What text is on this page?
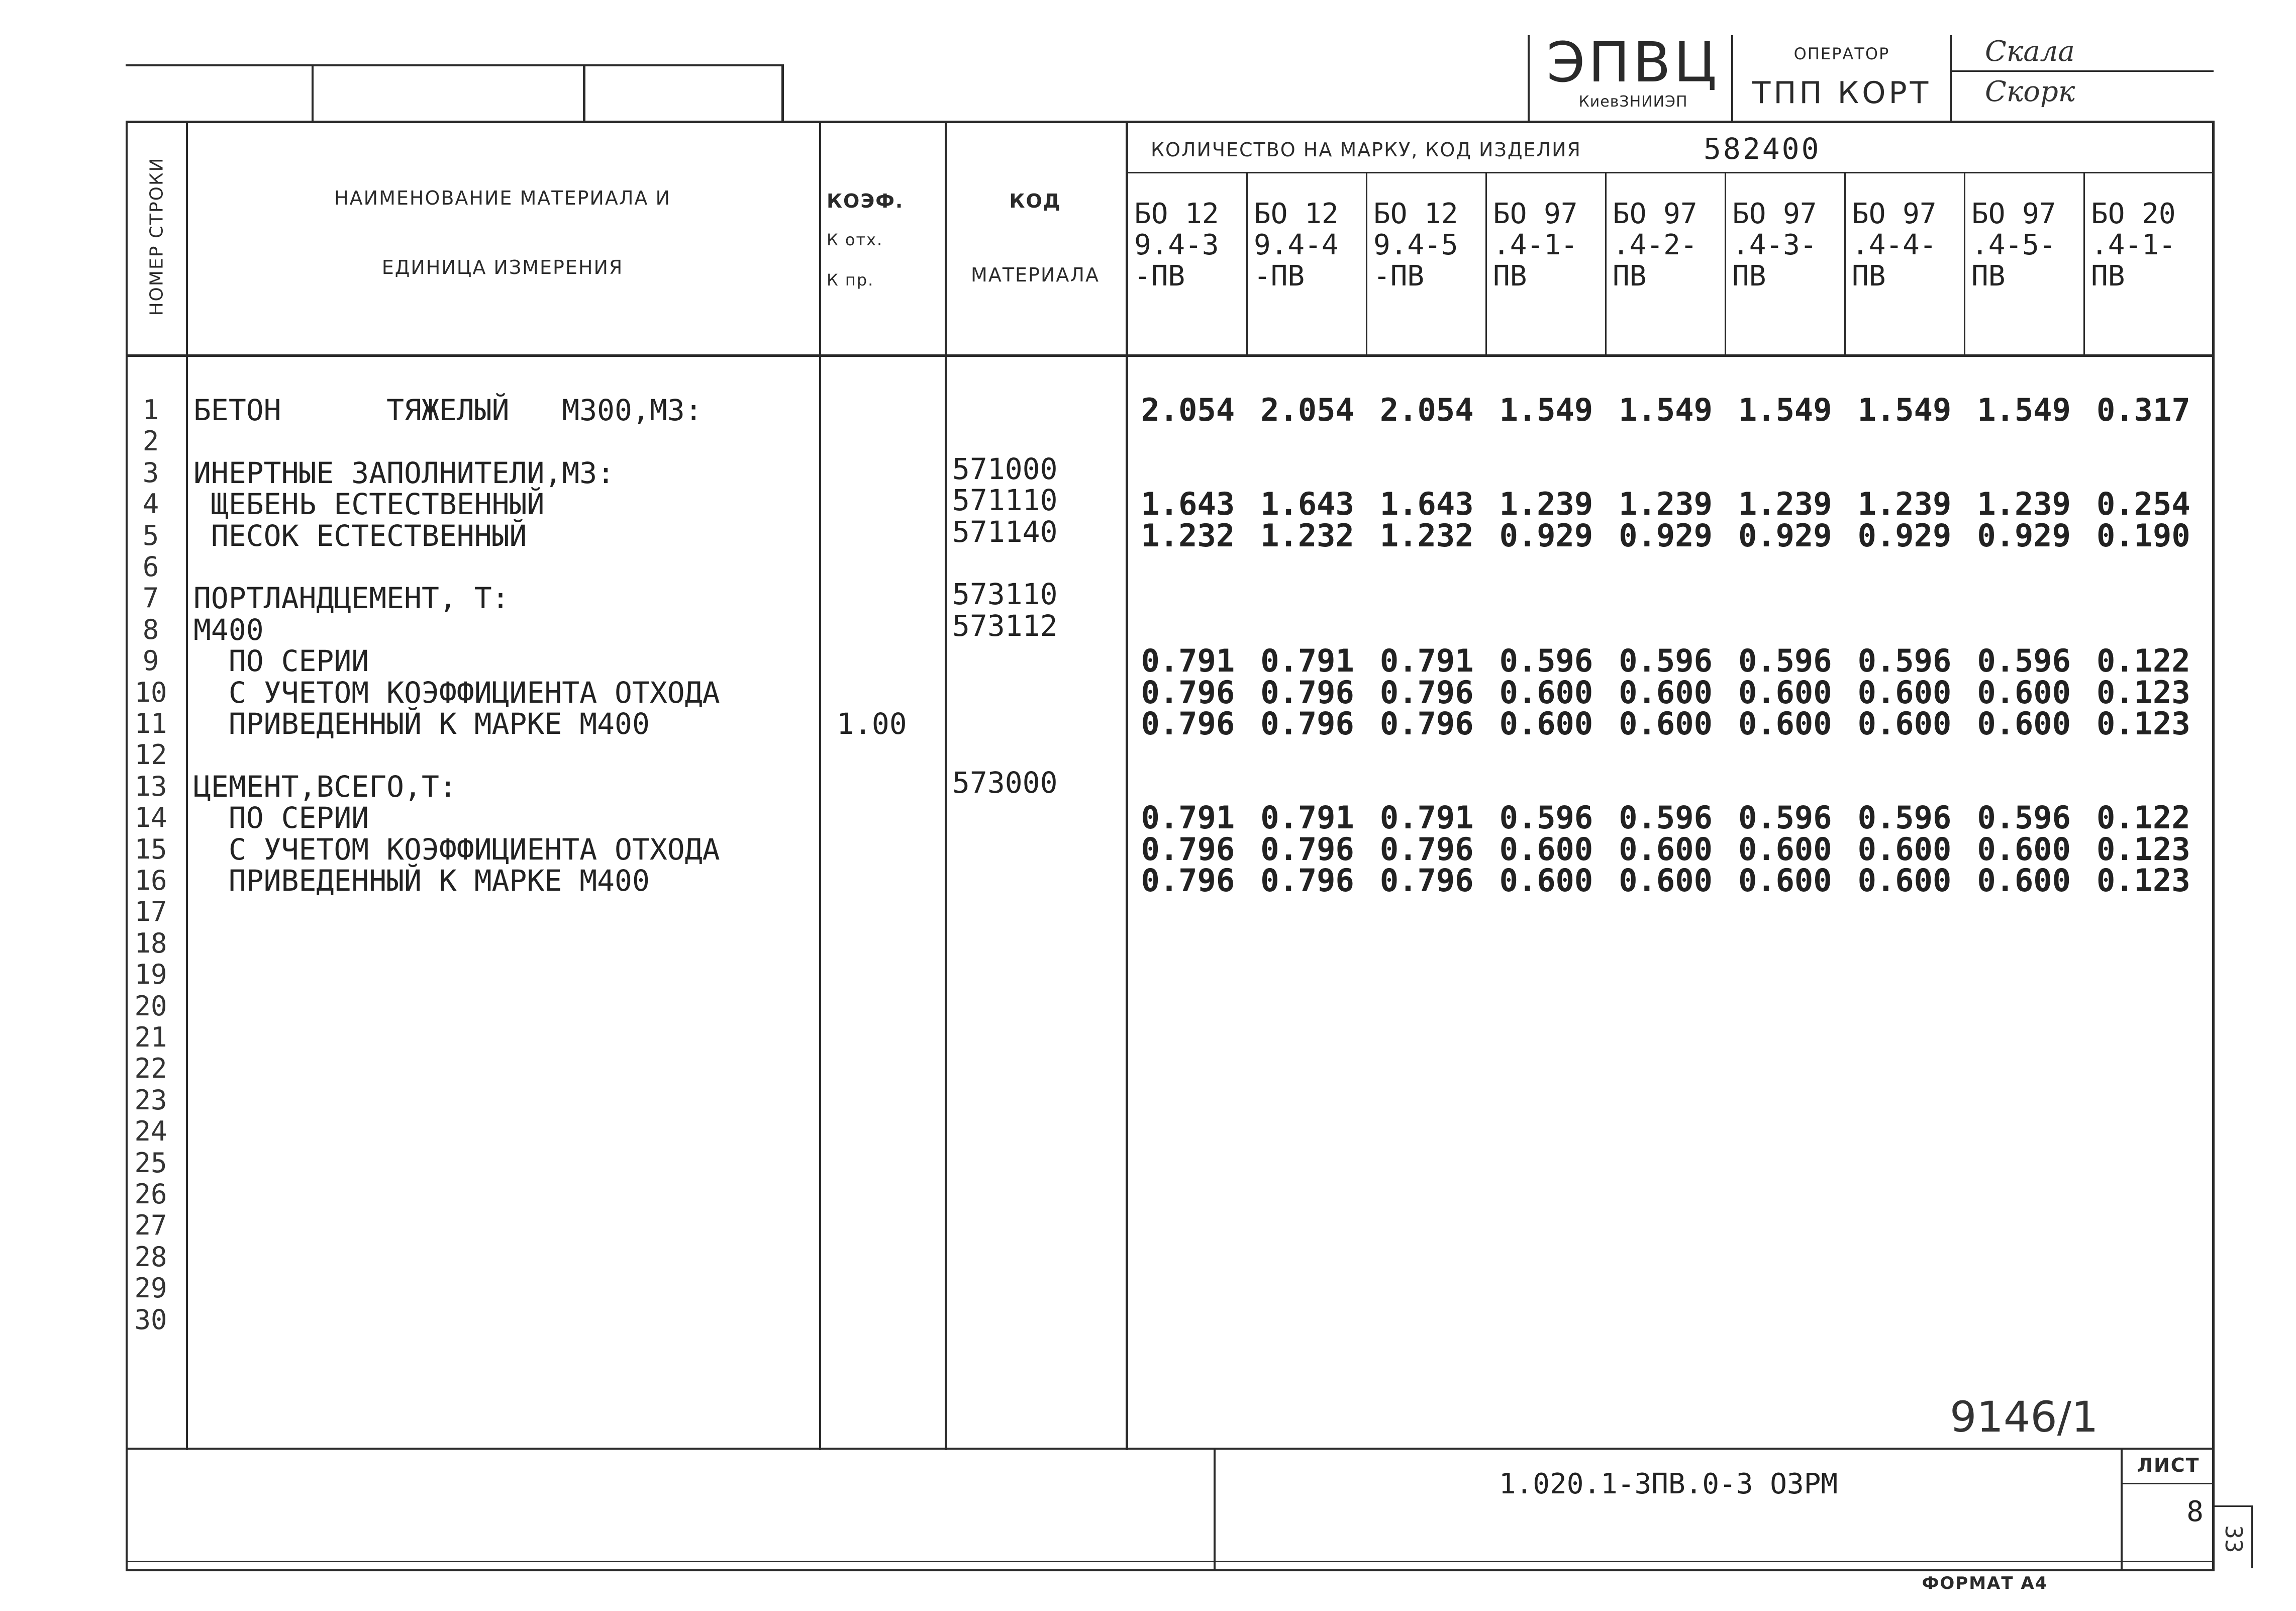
ЭПВЦ
КиевЗНИИЭП
ОПЕРАТОР
ТПП КОРТ
Скала
Скорк
НОМЕР СТРОКИ	НАИМЕНОВАНИЕ МАТЕРИАЛА И
ЕДИНИЦА ИЗМЕРЕНИЯ
КОЭФ.
К отх.
К пр.
КОД
МАТЕРИАЛА
КОЛИЧЕСТВО НА МАРКУ, КОД ИЗДЕЛИЯ	582400
БО 12
9.4-3
-ПВ
БО 12
9.4-4
-ПВ
БО 12
9.4-5
-ПВ
БО 97
.4-1-
ПВ
БО 97
.4-2-
ПВ
БО 97
.4-3-
ПВ
БО 97
.4-4-
ПВ
БО 97
.4-5-
ПВ
БО 20
.4-1-
ПВ
1
2
3
4
5
6
7
8
9
10
11
12
13
14
15
16
17
18
19
20
21
22
23
24
25
26
27
28
29
30
БЕТОН      ТЯЖЕЛЫЙ   М300,М3:
ИНЕРТНЫЕ ЗАПОЛНИТЕЛИ,М3:
ЩЕБЕНЬ ЕСТЕСТВЕННЫЙ
ПЕСОК ЕСТЕСТВЕННЫЙ
ПОРТЛАНДЦЕМЕНТ, Т:
М400
ПО СЕРИИ
С УЧЕТОМ КОЭФФИЦИЕНТА ОТХОДА
ПРИВЕДЕННЫЙ К МАРКЕ М400
ЦЕМЕНТ,ВСЕГО,Т:
ПО СЕРИИ
С УЧЕТОМ КОЭФФИЦИЕНТА ОТХОДА
ПРИВЕДЕННЫЙ К МАРКЕ М400
1.00
571000
571110
571140
573110
573112
573000
2.054 2.054 2.054 1.549 1.549 1.549 1.549 1.549 0.317
1.643 1.643 1.643 1.239 1.239 1.239 1.239 1.239 0.254
1.232 1.232 1.232 0.929 0.929 0.929 0.929 0.929 0.190
0.791 0.791 0.791 0.596 0.596 0.596 0.596 0.596 0.122
0.796 0.796 0.796 0.600 0.600 0.600 0.600 0.600 0.123
0.796 0.796 0.796 0.600 0.600 0.600 0.600 0.600 0.123
0.791 0.791 0.791 0.596 0.596 0.596 0.596 0.596 0.122
0.796 0.796 0.796 0.600 0.600 0.600 0.600 0.600 0.123
0.796 0.796 0.796 0.600 0.600 0.600 0.600 0.600 0.123
9146/1
1.020.1-3ПВ.0-3 ОЗРМ
ЛИСТ
8
ФОРМАТ А4
33
